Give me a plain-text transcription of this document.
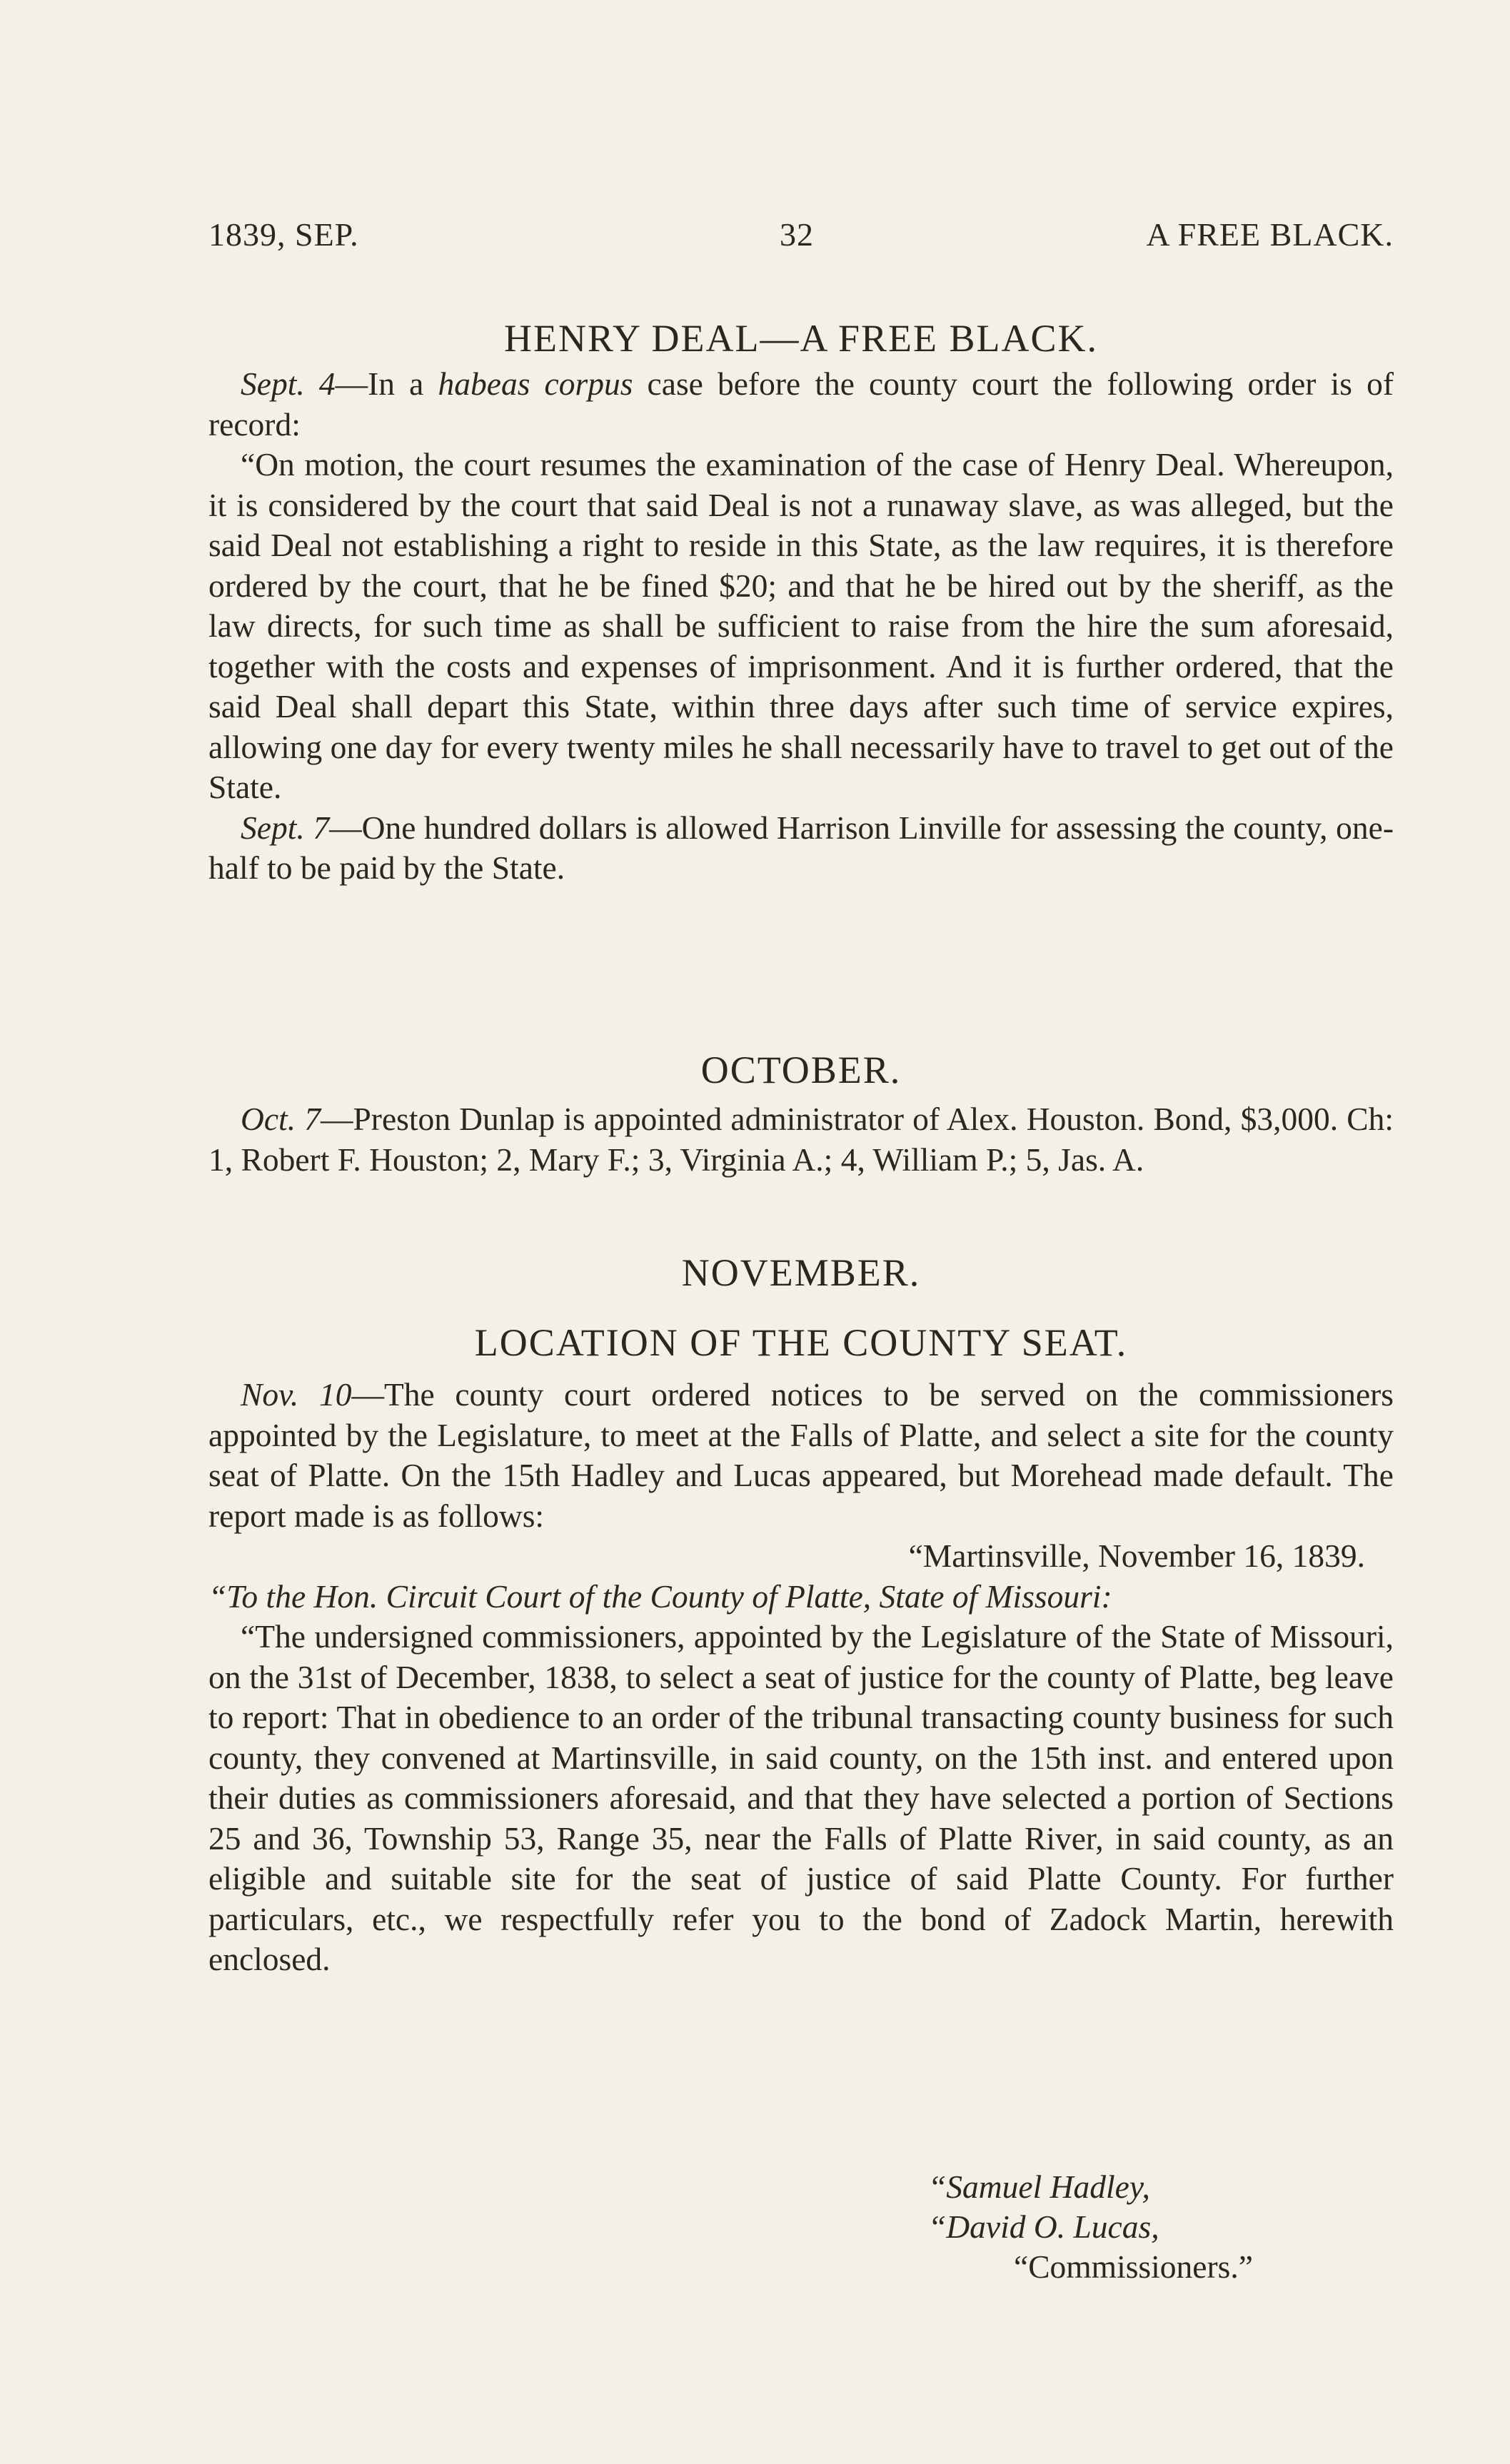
1839, SEP.	32	A FREE BLACK.
HENRY DEAL—A FREE BLACK.

Sept. 4—In a habeas corpus case before the county court the following order is of record:

“On motion, the court resumes the examination of the case of Henry Deal. Whereupon, it is considered by the court that said Deal is not a runaway slave, as was alleged, but the said Deal not establishing a right to reside in this State, as the law requires, it is therefore ordered by the court, that he be fined $20; and that he be hired out by the sheriff, as the law directs, for such time as shall be sufficient to raise from the hire the sum aforesaid, together with the costs and expenses of imprisonment. And it is further ordered, that the said Deal shall depart this State, within three days after such time of service expires, allowing one day for every twenty miles he shall necessarily have to travel to get out of the State.

Sept. 7—One hundred dollars is allowed Harrison Linville for assessing the county, one-half to be paid by the State.

OCTOBER.

Oct. 7—Preston Dunlap is appointed administrator of Alex. Houston. Bond, $3,000. Ch: 1, Robert F. Houston; 2, Mary F.; 3, Virginia A.; 4, William P.; 5, Jas. A.

NOVEMBER.
LOCATION OF THE COUNTY SEAT.

Nov. 10—The county court ordered notices to be served on the commissioners appointed by the Legislature, to meet at the Falls of Platte, and select a site for the county seat of Platte. On the 15th Hadley and Lucas appeared, but Morehead made default. The report made is as follows:

“Martinsville, November 16, 1839.

“To the Hon. Circuit Court of the County of Platte, State of Missouri:

“The undersigned commissioners, appointed by the Legislature of the State of Missouri, on the 31st of December, 1838, to select a seat of justice for the county of Platte, beg leave to report: That in obedience to an order of the tribunal transacting county business for such county, they convened at Martinsville, in said county, on the 15th inst. and entered upon their duties as commissioners aforesaid, and that they have selected a portion of Sections 25 and 36, Township 53, Range 35, near the Falls of Platte River, in said county, as an eligible and suitable site for the seat of justice of said Platte County. For further particulars, etc., we respectfully refer you to the bond of Zadock Martin, herewith enclosed.

“Samuel Hadley,
“David O. Lucas,
“Commissioners.”
